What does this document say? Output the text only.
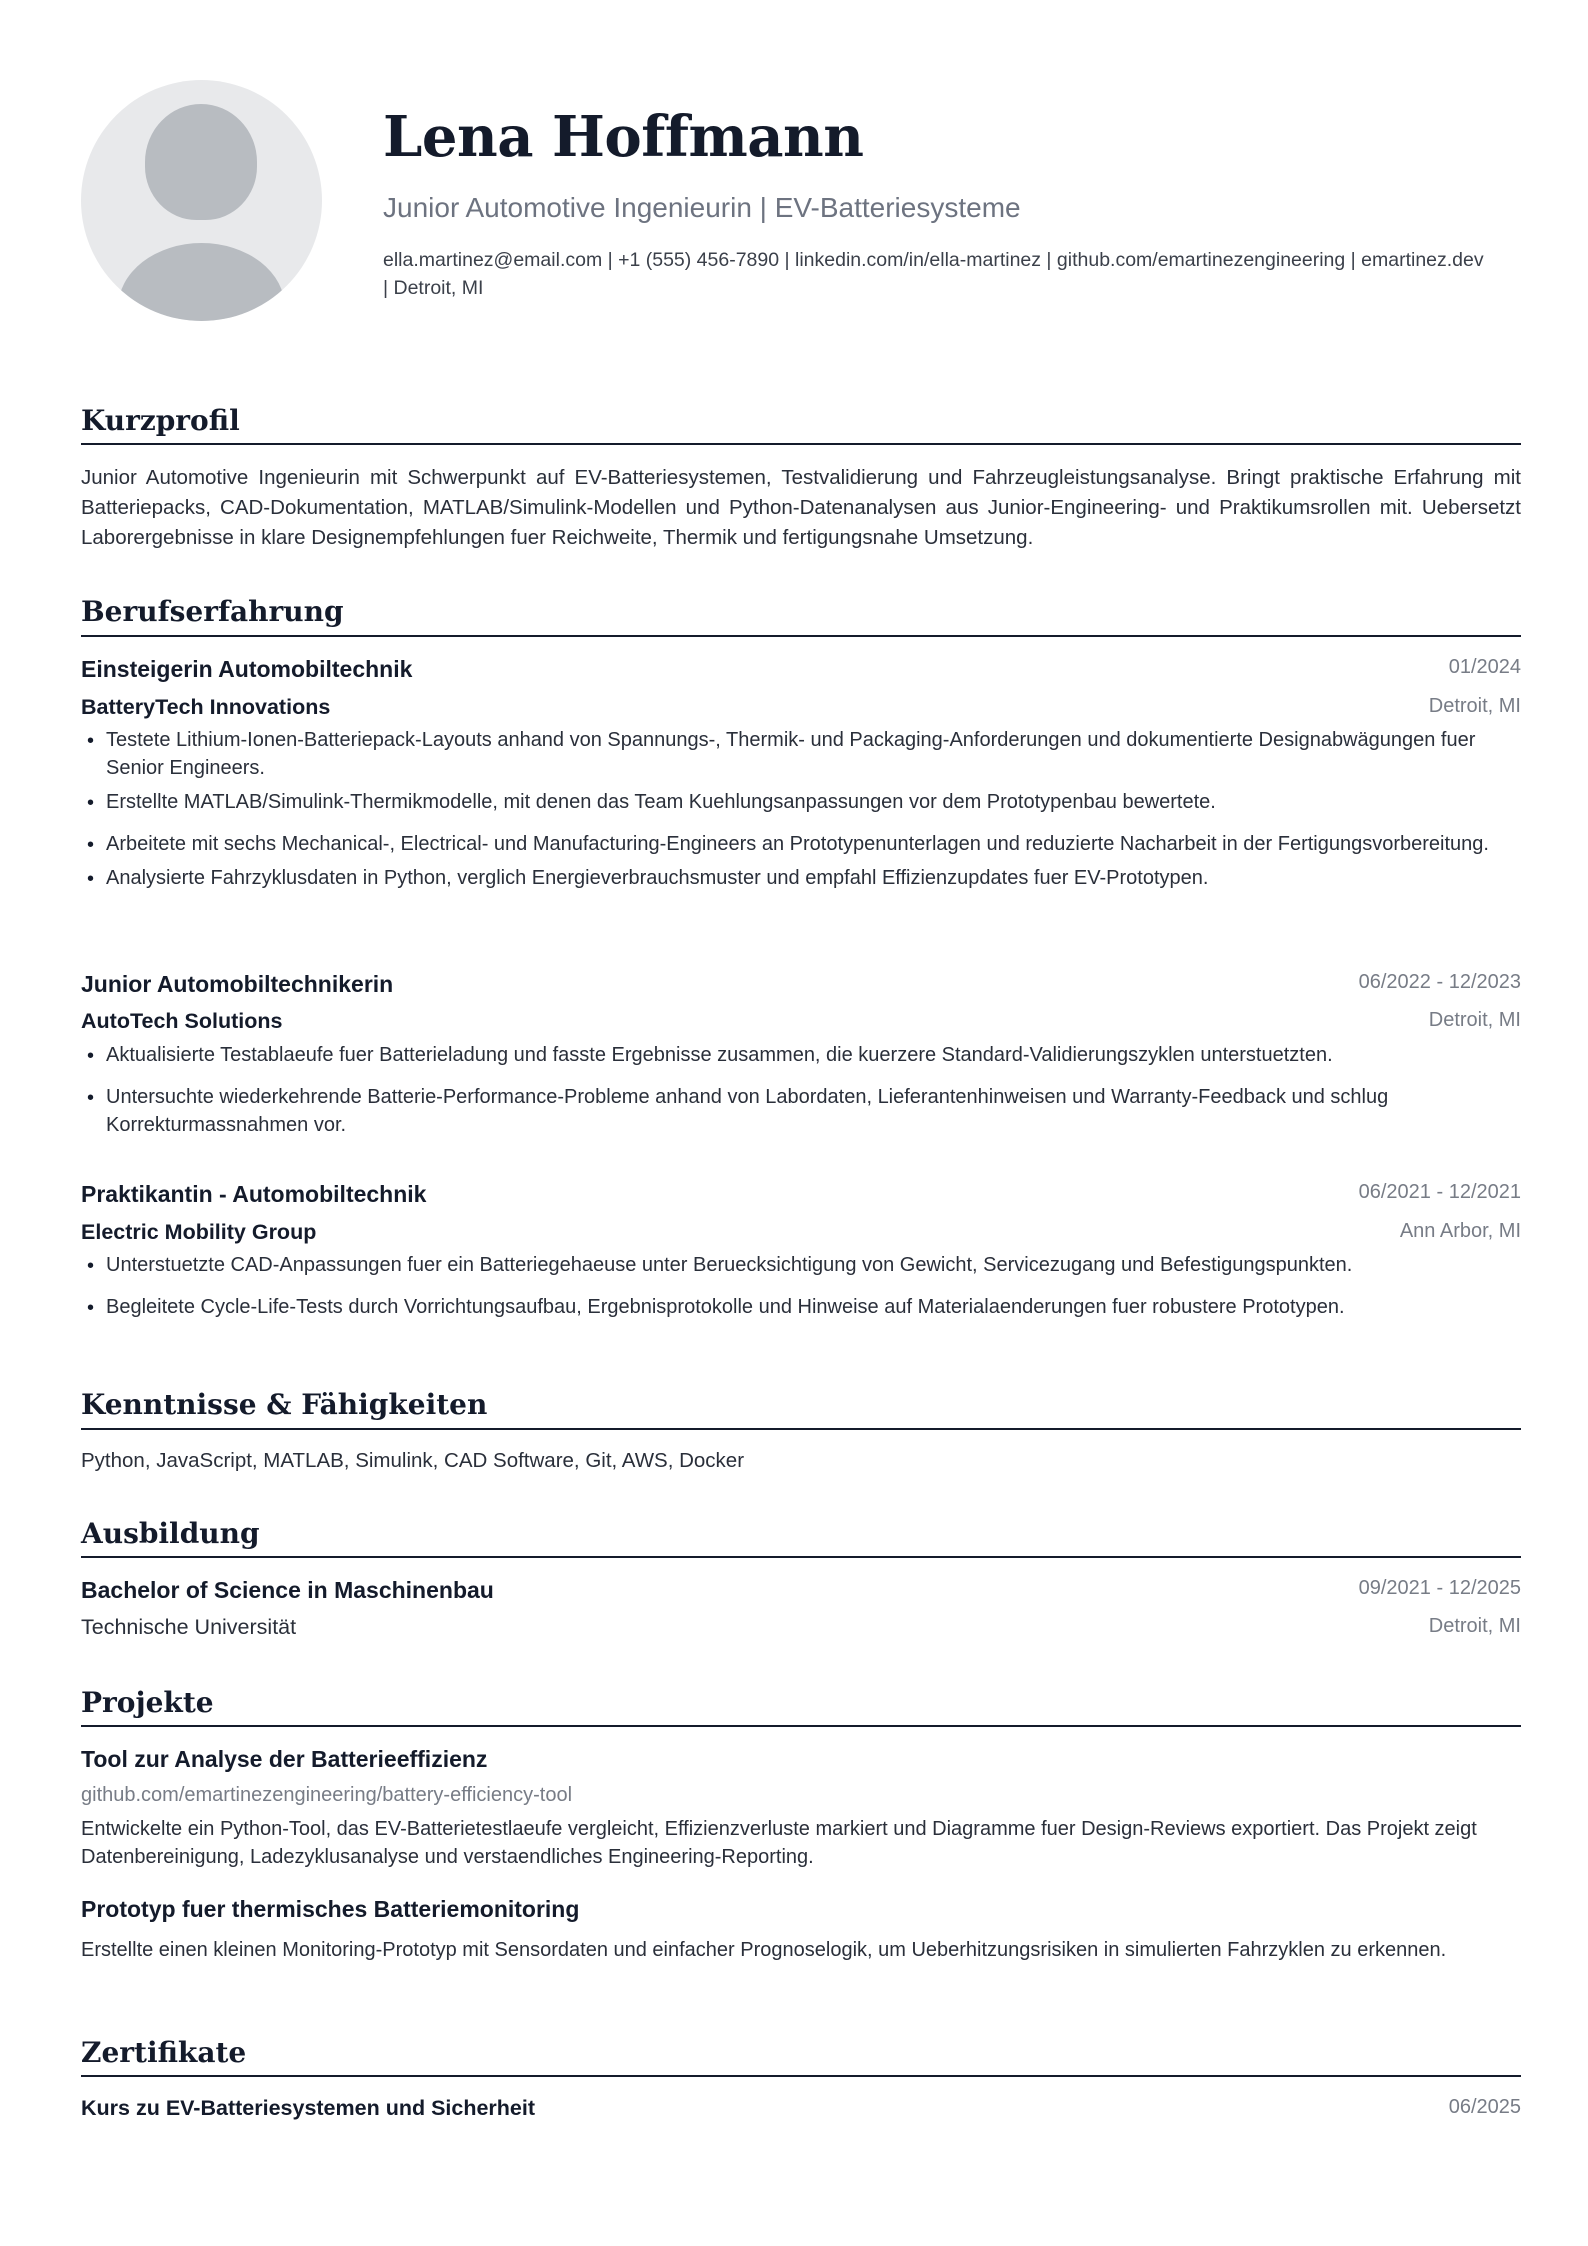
Lena Hoffmann
Junior Automotive Ingenieurin | EV-Batteriesysteme
ella.martinez@email.com | +1 (555) 456-7890 | linkedin.com/in/ella-martinez | github.com/emartinezengineering | emartinez.dev | Detroit, MI
Kurzprofil
Junior Automotive Ingenieurin mit Schwerpunkt auf EV-Batteriesystemen, Testvalidierung und Fahrzeugleistungsanalyse. Bringt praktische Erfahrung mit Batteriepacks, CAD-Dokumentation, MATLAB/Simulink-Modellen und Python-Datenanalysen aus Junior-Engineering- und Praktikumsrollen mit. Uebersetzt Laborergebnisse in klare Designempfehlungen fuer Reichweite, Thermik und fertigungsnahe Umsetzung.
Berufserfahrung
Einsteigerin Automobiltechnik	01/2024
BatteryTech Innovations	Detroit, MI
• Testete Lithium-Ionen-Batteriepack-Layouts anhand von Spannungs-, Thermik- und Packaging-Anforderungen und dokumentierte Designabwägungen fuer Senior Engineers.
• Erstellte MATLAB/Simulink-Thermikmodelle, mit denen das Team Kuehlungsanpassungen vor dem Prototypenbau bewertete.
• Arbeitete mit sechs Mechanical-, Electrical- und Manufacturing-Engineers an Prototypenunterlagen und reduzierte Nacharbeit in der Fertigungsvorbereitung.
• Analysierte Fahrzyklusdaten in Python, verglich Energieverbrauchsmuster und empfahl Effizienzupdates fuer EV-Prototypen.
Junior Automobiltechnikerin	06/2022 - 12/2023
AutoTech Solutions	Detroit, MI
• Aktualisierte Testablaeufe fuer Batterieladung und fasste Ergebnisse zusammen, die kuerzere Standard-Validierungszyklen unterstuetzten.
• Untersuchte wiederkehrende Batterie-Performance-Probleme anhand von Labordaten, Lieferantenhinweisen und Warranty-Feedback und schlug Korrekturmassnahmen vor.
Praktikantin - Automobiltechnik	06/2021 - 12/2021
Electric Mobility Group	Ann Arbor, MI
• Unterstuetzte CAD-Anpassungen fuer ein Batteriegehaeuse unter Beruecksichtigung von Gewicht, Servicezugang und Befestigungspunkten.
• Begleitete Cycle-Life-Tests durch Vorrichtungsaufbau, Ergebnisprotokolle und Hinweise auf Materialaenderungen fuer robustere Prototypen.
Kenntnisse & Fähigkeiten
Python, JavaScript, MATLAB, Simulink, CAD Software, Git, AWS, Docker
Ausbildung
Bachelor of Science in Maschinenbau	09/2021 - 12/2025
Technische Universität	Detroit, MI
Projekte
Tool zur Analyse der Batterieeffizienz
github.com/emartinezengineering/battery-efficiency-tool
Entwickelte ein Python-Tool, das EV-Batterietestlaeufe vergleicht, Effizienzverluste markiert und Diagramme fuer Design-Reviews exportiert. Das Projekt zeigt Datenbereinigung, Ladezyklusanalyse und verstaendliches Engineering-Reporting.
Prototyp fuer thermisches Batteriemonitoring
Erstellte einen kleinen Monitoring-Prototyp mit Sensordaten und einfacher Prognoselogik, um Ueberhitzungsrisiken in simulierten Fahrzyklen zu erkennen.
Zertifikate
Kurs zu EV-Batteriesystemen und Sicherheit	06/2025
